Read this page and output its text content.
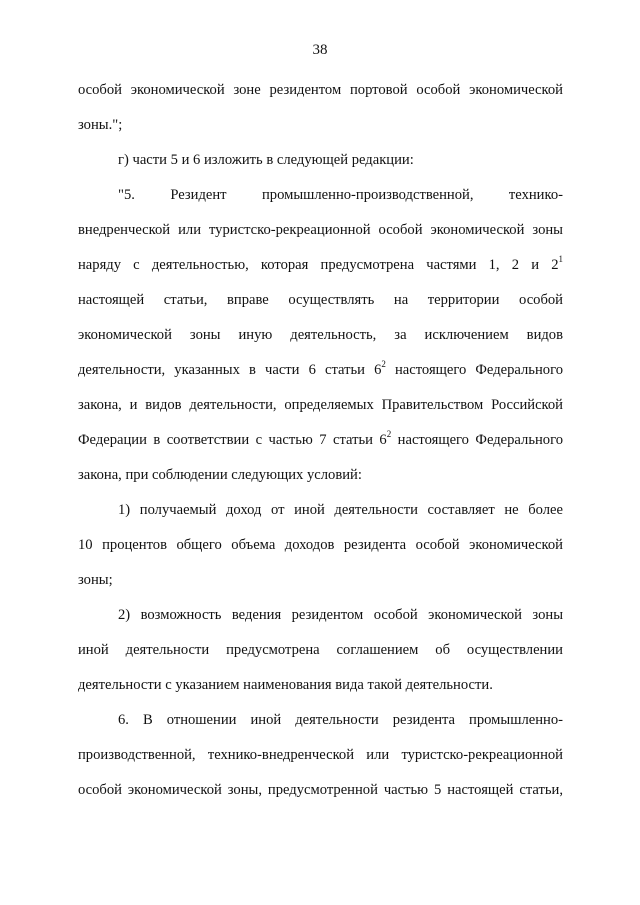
38
особой экономической зоне резидентом портовой особой экономической
зоны.";
г) части 5 и 6 изложить в следующей редакции:
"5. Резидент промышленно-производственной, технико-
внедренческой или туристско-рекреационной особой экономической зоны
наряду с деятельностью, которая предусмотрена частями 1, 2 и $2^1$
настоящей статьи, вправе осуществлять на территории особой
экономической зоны иную деятельность, за исключением видов
деятельности, указанных в части 6 статьи $6^2$ настоящего Федерального
закона, и видов деятельности, определяемых Правительством Российской
Федерации в соответствии с частью 7 статьи $6^2$ настоящего Федерального
закона, при соблюдении следующих условий:
1) получаемый доход от иной деятельности составляет не более
10 процентов общего объема доходов резидента особой экономической
зоны;
2) возможность ведения резидентом особой экономической зоны
иной деятельности предусмотрена соглашением об осуществлении
деятельности с указанием наименования вида такой деятельности.
6. В отношении иной деятельности резидента промышленно-
производственной, технико-внедренческой или туристско-рекреационной
особой экономической зоны, предусмотренной частью 5 настоящей статьи,
